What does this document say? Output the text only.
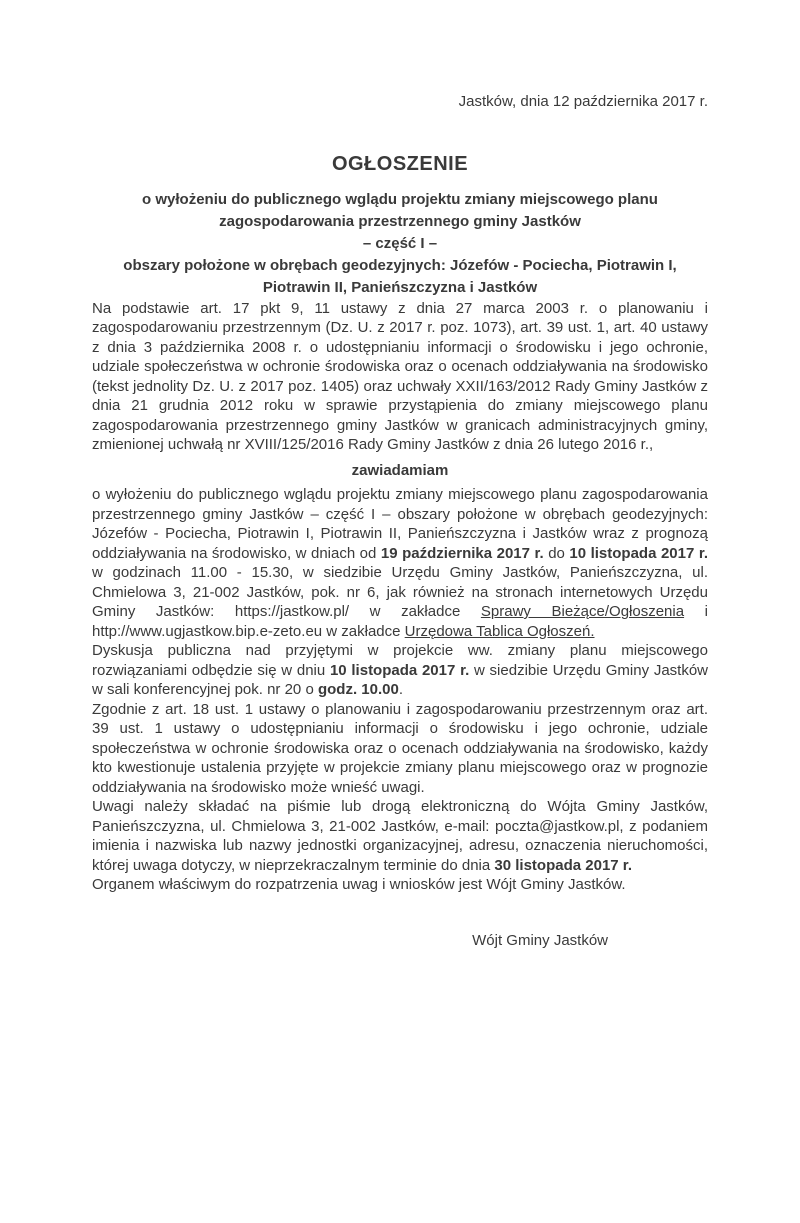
Jastków, dnia 12 października 2017 r.
OGŁOSZENIE
o wyłożeniu do publicznego wglądu projektu zmiany miejscowego planu
zagospodarowania przestrzennego gminy Jastków
– część I –
obszary położone w obrębach geodezyjnych: Józefów - Pociecha, Piotrawin I,
Piotrawin II, Panieńszczyzna i Jastków

Na podstawie art. 17 pkt 9, 11 ustawy z dnia 27 marca 2003 r. o planowaniu i zagospodarowaniu przestrzennym (Dz. U. z 2017 r. poz. 1073), art. 39 ust. 1, art. 40 ustawy z dnia 3 października 2008 r. o udostępnianiu informacji o środowisku i jego ochronie, udziale społeczeństwa w ochronie środowiska oraz o ocenach oddziaływania na środowisko (tekst jednolity Dz. U. z 2017 poz. 1405) oraz uchwały XXII/163/2012 Rady Gminy Jastków z dnia 21 grudnia 2012 roku w sprawie przystąpienia do zmiany miejscowego planu zagospodarowania przestrzennego gminy Jastków w granicach administracyjnych gminy, zmienionej uchwałą nr XVIII/125/2016 Rady Gminy Jastków z dnia 26 lutego 2016 r.,

zawiadamiam

o wyłożeniu do publicznego wglądu projektu zmiany miejscowego planu zagospodarowania przestrzennego gminy Jastków – część I – obszary położone w obrębach geodezyjnych: Józefów - Pociecha, Piotrawin I, Piotrawin II, Panieńszczyzna i Jastków wraz z prognozą oddziaływania na środowisko, w dniach od 19 października 2017 r. do 10 listopada 2017 r. w godzinach 11.00 - 15.30, w siedzibie Urzędu Gminy Jastków, Panieńszczyzna, ul. Chmielowa 3, 21-002 Jastków, pok. nr 6, jak również na stronach internetowych Urzędu Gminy Jastków: https://jastkow.pl/ w zakładce Sprawy Bieżące/Ogłoszenia i http://www.ugjastkow.bip.e-zeto.eu w zakładce Urzędowa Tablica Ogłoszeń.

Dyskusja publiczna nad przyjętymi w projekcie ww. zmiany planu miejscowego rozwiązaniami odbędzie się w dniu 10 listopada 2017 r. w siedzibie Urzędu Gminy Jastków w sali konferencyjnej pok. nr 20 o godz. 10.00.

Zgodnie z art. 18 ust. 1 ustawy o planowaniu i zagospodarowaniu przestrzennym oraz art. 39 ust. 1 ustawy o udostępnianiu informacji o środowisku i jego ochronie, udziale społeczeństwa w ochronie środowiska oraz o ocenach oddziaływania na środowisko, każdy kto kwestionuje ustalenia przyjęte w projekcie zmiany planu miejscowego oraz w prognozie oddziaływania na środowisko może wnieść uwagi.

Uwagi należy składać na piśmie lub drogą elektroniczną do Wójta Gminy Jastków, Panieńszczyzna, ul. Chmielowa 3, 21-002 Jastków, e-mail: poczta@jastkow.pl, z podaniem imienia i nazwiska lub nazwy jednostki organizacyjnej, adresu, oznaczenia nieruchomości, której uwaga dotyczy, w nieprzekraczalnym terminie do dnia 30 listopada 2017 r.

Organem właściwym do rozpatrzenia uwag i wniosków jest Wójt Gminy Jastków.

Wójt Gminy Jastków
